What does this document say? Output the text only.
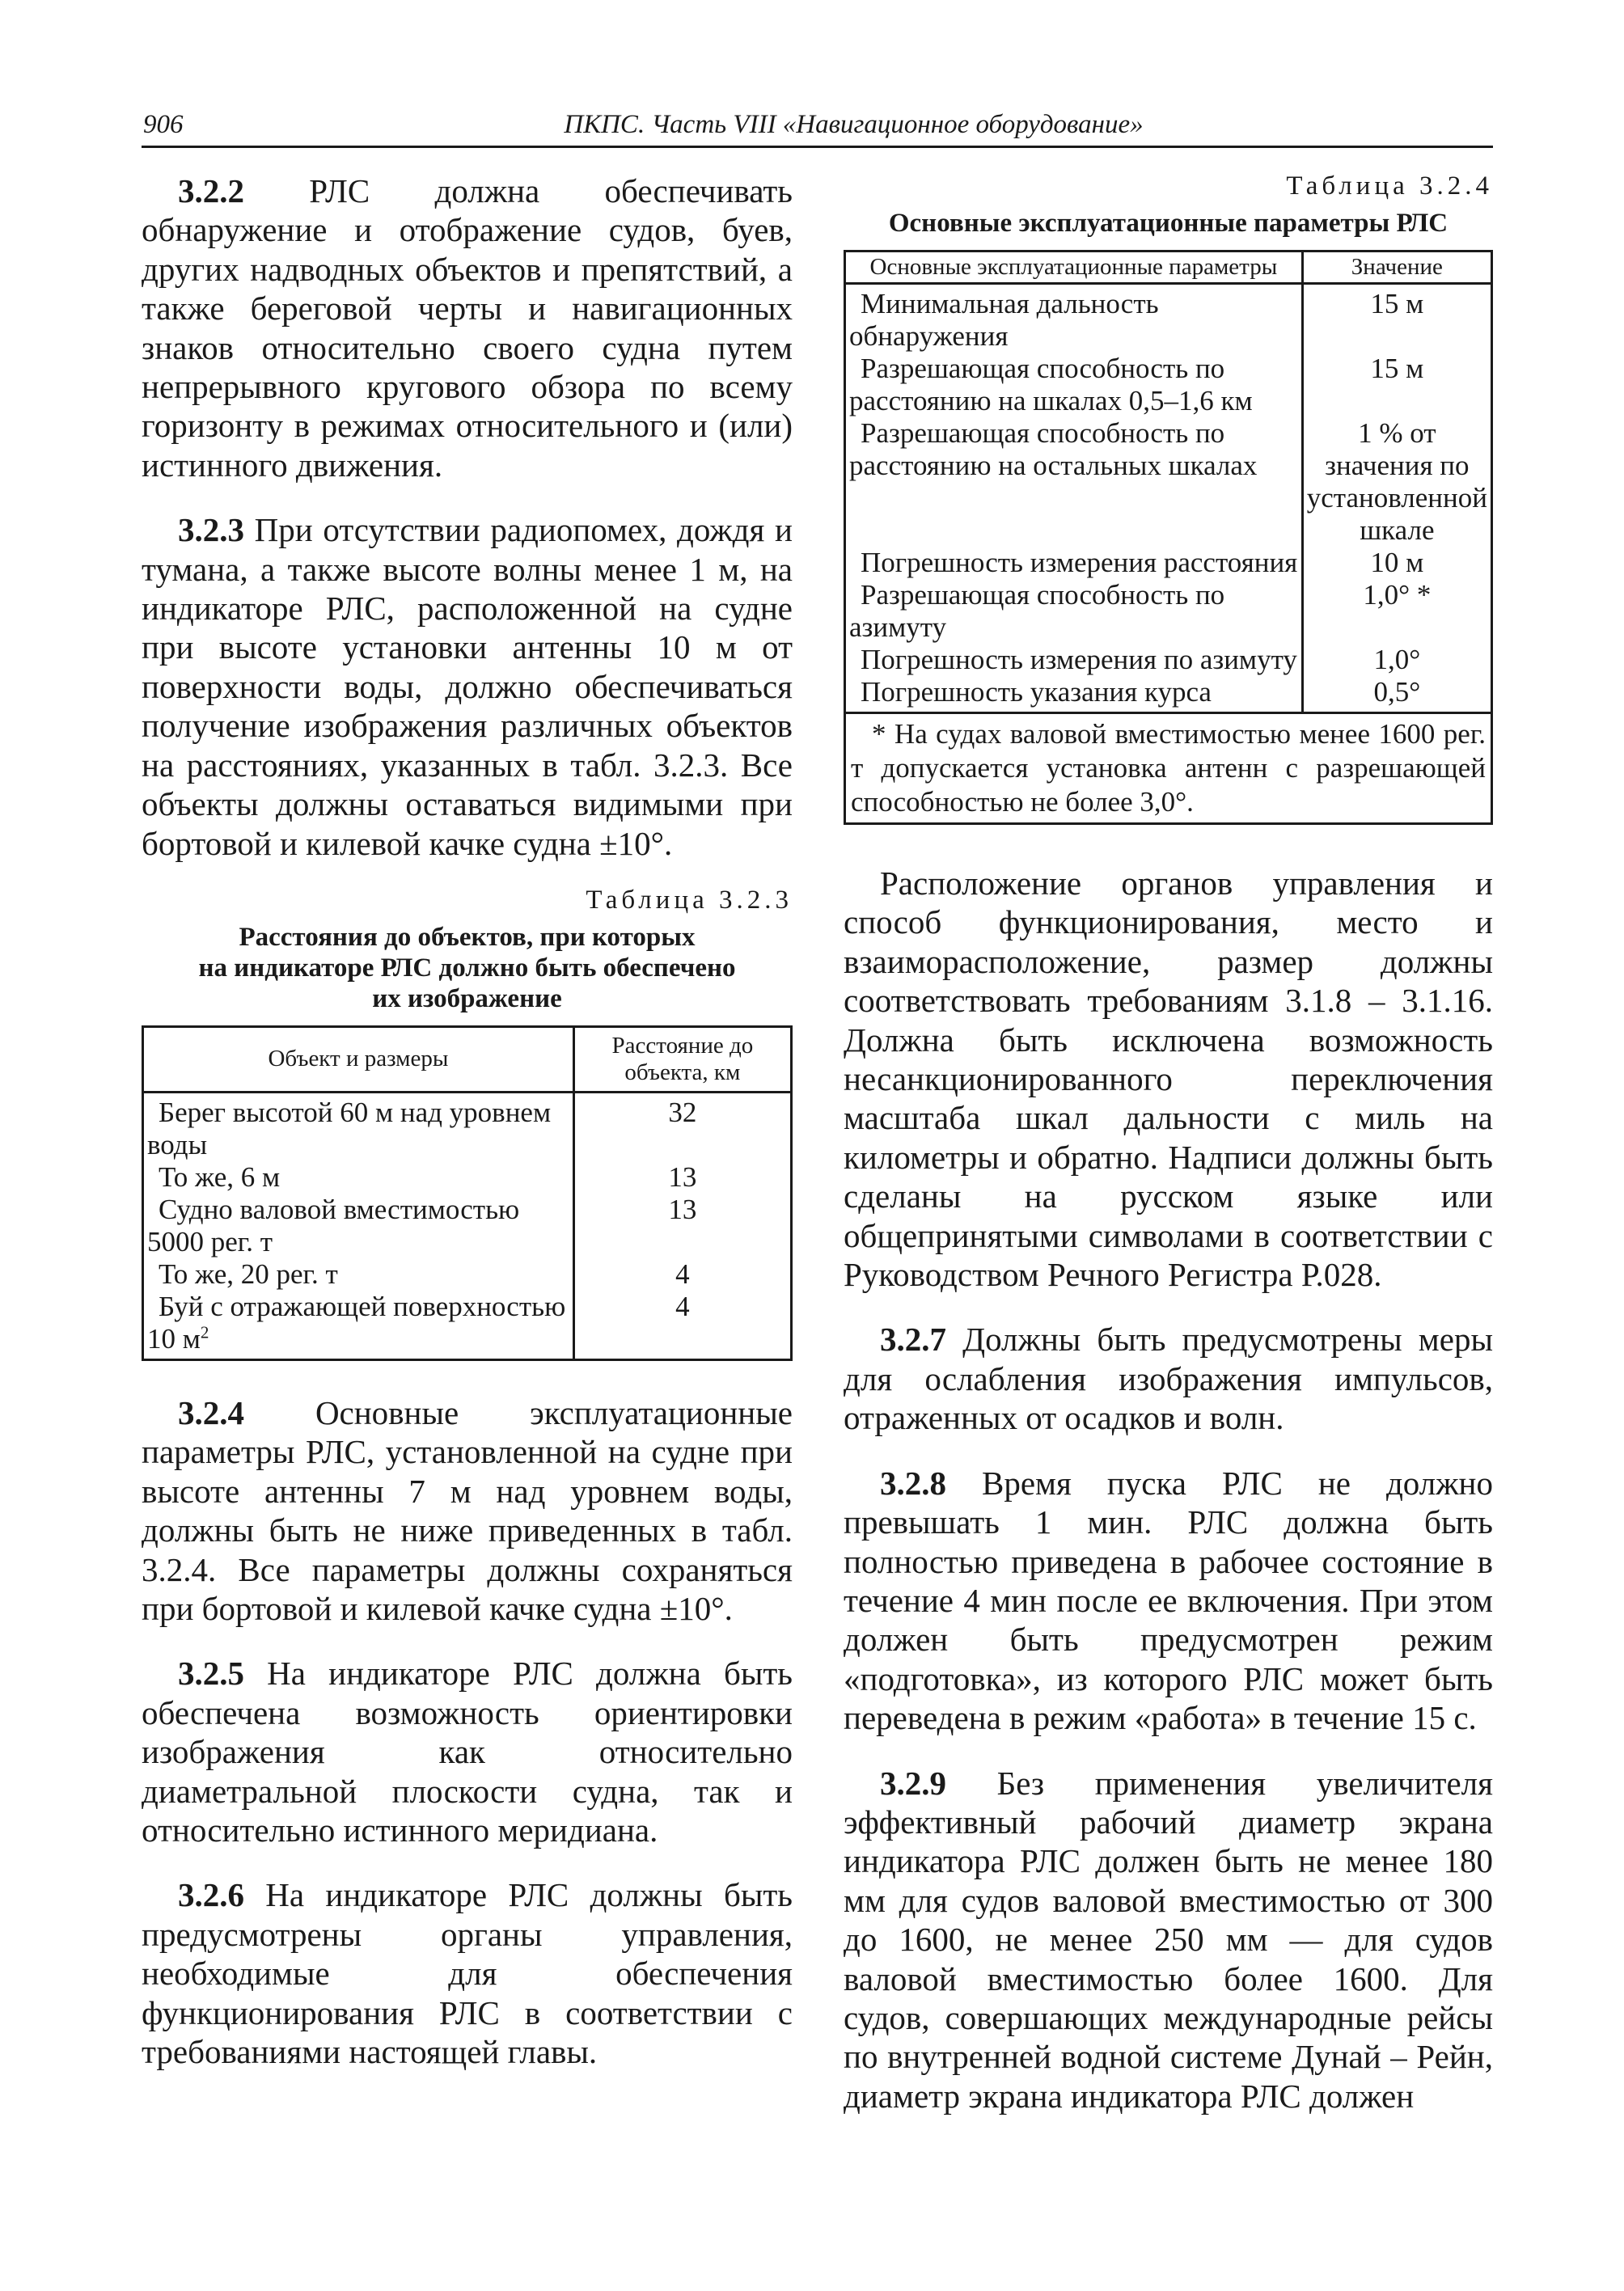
906	ПКПС. Часть VIII «Навигационное оборудование»

3.2.2 РЛС должна обеспечивать обнаружение и отображение судов, буев, других надводных объектов и препятствий, а также береговой черты и навигационных знаков относительно своего судна путем непрерывного кругового обзора по всему горизонту в режимах относительного и (или) истинного движения.

3.2.3 При отсутствии радиопомех, дождя и тумана, а также высоте волны менее 1 м, на индикаторе РЛС, расположенной на судне при высоте установки антенны 10 м от поверхности воды, должно обеспечиваться получение изображения различных объектов на расстояниях, указанных в табл. 3.2.3. Все объекты должны оставаться видимыми при бортовой и килевой качке судна ±10°.

Таблица 3.2.3
Расстояния до объектов, при которых
на индикаторе РЛС должно быть обеспечено
их изображение
Объект и размеры	Расстояние до объекта, км
Берег высотой 60 м над уровнем воды	32
То же, 6 м	13
Судно валовой вместимостью 5000 рег. т	13
То же, 20 рег. т	4
Буй с отражающей поверхностью 10 $м^2$	4

3.2.4 Основные эксплуатационные параметры РЛС, установленной на судне при высоте антенны 7 м над уровнем воды, должны быть не ниже приведенных в табл. 3.2.4. Все параметры должны сохраняться при бортовой и килевой качке судна ±10°.

3.2.5 На индикаторе РЛС должна быть обеспечена возможность ориентировки изображения как относительно диаметральной плоскости судна, так и относительно истинного меридиана.

3.2.6 На индикаторе РЛС должны быть предусмотрены органы управления, необходимые для обеспечения функционирования РЛС в соответствии с требованиями настоящей главы.

Таблица 3.2.4
Основные эксплуатационные параметры РЛС
Основные эксплуатационные параметры	Значение
Минимальная дальность обнаружения	15 м
Разрешающая способность по расстоянию на шкалах 0,5–1,6 км	15 м
Разрешающая способность по расстоянию на остальных шкалах	1 % от значения по установленной шкале
Погрешность измерения расстояния	10 м
Разрешающая способность по азимуту	1,0° *
Погрешность измерения по азимуту	1,0°
Погрешность указания курса	0,5°
* На судах валовой вместимостью менее 1600 рег. т допускается установка антенн с разрешающей способностью не более 3,0°.	

Расположение органов управления и способ функционирования, место и взаиморасположение, размер должны соответствовать требованиям 3.1.8 – 3.1.16. Должна быть исключена возможность несанкционированного переключения масштаба шкал дальности с миль на километры и обратно. Надписи должны быть сделаны на русском языке или общепринятыми символами в соответствии с Руководством Речного Регистра Р.028.

3.2.7 Должны быть предусмотрены меры для ослабления изображения импульсов, отраженных от осадков и волн.

3.2.8 Время пуска РЛС не должно превышать 1 мин. РЛС должна быть полностью приведена в рабочее состояние в течение 4 мин после ее включения. При этом должен быть предусмотрен режим «подготовка», из которого РЛС может быть переведена в режим «работа» в течение 15 с.

3.2.9 Без применения увеличителя эффективный рабочий диаметр экрана индикатора РЛС должен быть не менее 180 мм для судов валовой вместимостью от 300 до 1600, не менее 250 мм — для судов валовой вместимостью более 1600. Для судов, совершающих международные рейсы по внутренней водной системе Дунай – Рейн, диаметр экрана индикатора РЛС должен
